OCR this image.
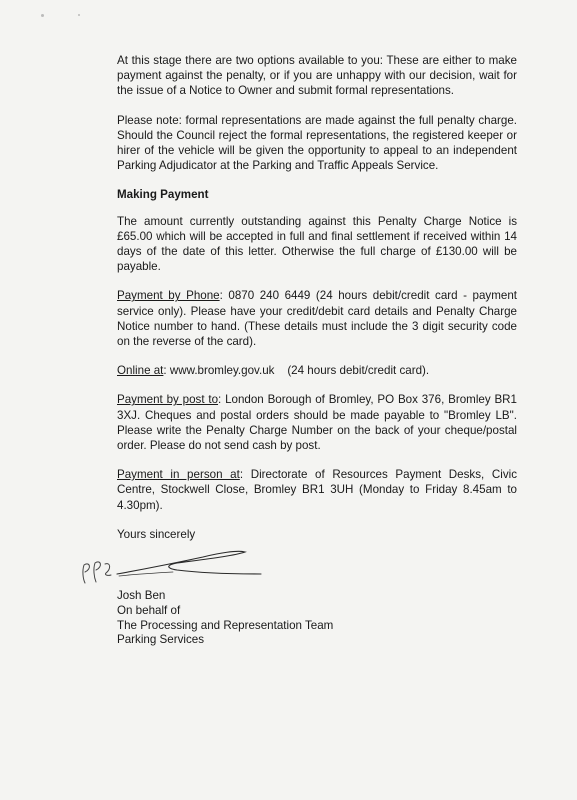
At this stage there are two options available to you: These are either to make payment against the penalty, or if you are unhappy with our decision, wait for the issue of a Notice to Owner and submit formal representations.

Please note: formal representations are made against the full penalty charge. Should the Council reject the formal representations, the registered keeper or hirer of the vehicle will be given the opportunity to appeal to an independent Parking Adjudicator at the Parking and Traffic Appeals Service.

Making Payment

The amount currently outstanding against this Penalty Charge Notice is £65.00 which will be accepted in full and final settlement if received within 14 days of the date of this letter. Otherwise the full charge of £130.00 will be payable.

Payment by Phone: 0870 240 6449 (24 hours debit/credit card - payment service only). Please have your credit/debit card details and Penalty Charge Notice number to hand. (These details must include the 3 digit security code on the reverse of the card).

Online at: www.bromley.gov.uk    (24 hours debit/credit card).

Payment by post to: London Borough of Bromley, PO Box 376, Bromley BR1 3XJ. Cheques and postal orders should be made payable to "Bromley LB". Please write the Penalty Charge Number on the back of your cheque/postal order. Please do not send cash by post.

Payment in person at: Directorate of Resources Payment Desks, Civic Centre, Stockwell Close, Bromley BR1 3UH (Monday to Friday 8.45am to 4.30pm).

Yours sincerely

Josh Ben
On behalf of
The Processing and Representation Team
Parking Services
